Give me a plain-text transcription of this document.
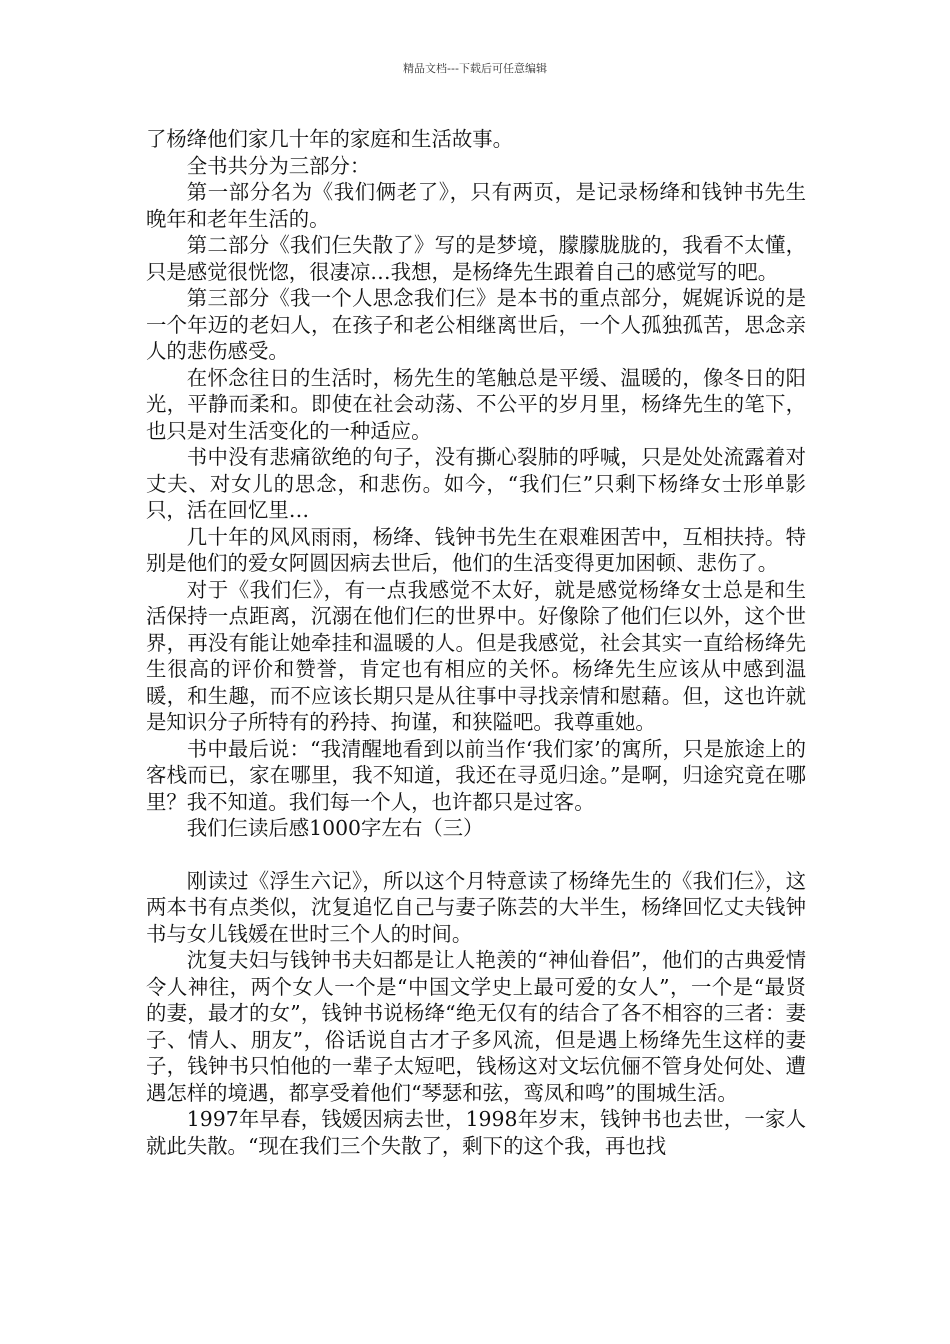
精品文档---下载后可任意编辑

了杨绛他们家几十年的家庭和生活故事。

全书共分为三部分：

第一部分名为《我们俩老了》，只有两页，是记录杨绛和钱钟书先生晚年和老年生活的。

第二部分《我们仨失散了》写的是梦境，朦朦胧胧的，我看不太懂，只是感觉很恍惚，很凄凉…我想，是杨绛先生跟着自己的感觉写的吧。

第三部分《我一个人思念我们仨》是本书的重点部分，娓娓诉说的是一个年迈的老妇人，在孩子和老公相继离世后，一个人孤独孤苦，思念亲人的悲伤感受。

在怀念往日的生活时，杨先生的笔触总是平缓、温暖的，像冬日的阳光，平静而柔和。即使在社会动荡、不公平的岁月里，杨绛先生的笔下，也只是对生活变化的一种适应。

书中没有悲痛欲绝的句子，没有撕心裂肺的呼喊，只是处处流露着对丈夫、对女儿的思念，和悲伤。如今，“我们仨”只剩下杨绛女士形单影只，活在回忆里…

几十年的风风雨雨，杨绛、钱钟书先生在艰难困苦中，互相扶持。特别是他们的爱女阿圆因病去世后，他们的生活变得更加困顿、悲伤了。

对于《我们仨》，有一点我感觉不太好，就是感觉杨绛女士总是和生活保持一点距离，沉溺在他们仨的世界中。好像除了他们仨以外，这个世界，再没有能让她牵挂和温暖的人。但是我感觉，社会其实一直给杨绛先生很高的评价和赞誉，肯定也有相应的关怀。杨绛先生应该从中感到温暖，和生趣，而不应该长期只是从往事中寻找亲情和慰藉。但，这也许就是知识分子所特有的矜持、拘谨，和狭隘吧。我尊重她。

书中最后说：“我清醒地看到以前当作‘我们家’的寓所，只是旅途上的客栈而已，家在哪里，我不知道，我还在寻觅归途。”是啊，归途究竟在哪里？我不知道。我们每一个人，也许都只是过客。

我们仨读后感1000字左右（三）

刚读过《浮生六记》，所以这个月特意读了杨绛先生的《我们仨》，这两本书有点类似，沈复追忆自己与妻子陈芸的大半生，杨绛回忆丈夫钱钟书与女儿钱媛在世时三个人的时间。

沈复夫妇与钱钟书夫妇都是让人艳羡的“神仙眷侣”，他们的古典爱情令人神往，两个女人一个是“中国文学史上最可爱的女人”，一个是“最贤的妻，最才的女”，钱钟书说杨绛“绝无仅有的结合了各不相容的三者：妻子、情人、朋友”，俗话说自古才子多风流，但是遇上杨绛先生这样的妻子，钱钟书只怕他的一辈子太短吧，钱杨这对文坛伉俪不管身处何处、遭遇怎样的境遇，都享受着他们“琴瑟和弦，鸾凤和鸣”的围城生活。

1997年早春，钱媛因病去世，1998年岁末，钱钟书也去世，一家人就此失散。“现在我们三个失散了，剩下的这个我，再也找
